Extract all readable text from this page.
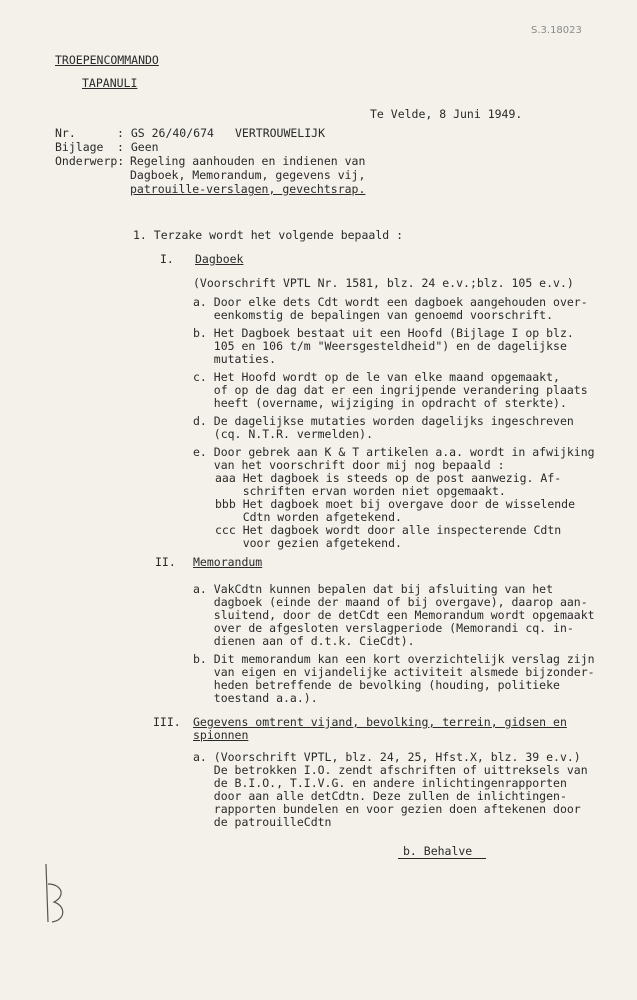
S.3.18023
TROEPENCOMMANDO
TAPANULI
Te Velde, 8 Juni 1949.
Nr.	: GS 26/40/674 VERTROUWELIJK
Bijlage : Geen
Onderwerp: Regeling aanhouden en indienen van
Dagboek, Memorandum, gegevens vij,
patrouille-verslagen, gevechtsrap.
1. Terzake wordt het volgende bepaald :
I. Dagboek
(Voorschrift VPTL Nr. 1581, blz. 24 e.v.;blz. 105 e.v.)
a. Door elke dets Cdt wordt een dagboek aangehouden over-
eenkomstig de bepalingen van genoemd voorschrift.
b. Het Dagboek bestaat uit een Hoofd (Bijlage I op blz.
105 en 106 t/m "Weersgesteldheid") en de dagelijkse
mutaties.
c. Het Hoofd wordt op de le van elke maand opgemaakt,
of op de dag dat er een ingrijpende verandering plaats
heeft (overname, wijziging in opdracht of sterkte).
d. De dagelijkse mutaties worden dagelijks ingeschreven
(cq. N.T.R. vermelden).
e. Door gebrek aan K & T artikelen a.a. wordt in afwijking
van het voorschrift door mij nog bepaald :
aaa Het dagboek is steeds op de post aanwezig. Af-
schriften ervan worden niet opgemaakt.
bbb Het dagboek moet bij overgave door de wisselende
Cdtn worden afgetekend.
ccc Het dagboek wordt door alle inspecterende Cdtn
voor gezien afgetekend.
II. Memorandum
a. VakCdtn kunnen bepalen dat bij afsluiting van het
dagboek (einde der maand of bij overgave), daarop aan-
sluitend, door de detCdt een Memorandum wordt opgemaakt
over de afgesloten verslagperiode (Memorandi cq. in-
dienen aan of d.t.k. CieCdt).
b. Dit memorandum kan een kort overzichtelijk verslag zijn
van eigen en vijandelijke activiteit alsmede bijzonder-
heden betreffende de bevolking (houding, politieke
toestand a.a.).
III. Gegevens omtrent vijand, bevolking, terrein, gidsen en
spionnen
a. (Voorschrift VPTL, blz. 24, 25, Hfst.X, blz. 39 e.v.)
De betrokken I.O. zendt afschriften of uittreksels van
de B.I.O., T.I.V.G. en andere inlichtingenrapporten
door aan alle detCdtn. Deze zullen de inlichtingen-
rapporten bundelen en voor gezien doen aftekenen door
de patrouilleCdtn
b. Behalve
